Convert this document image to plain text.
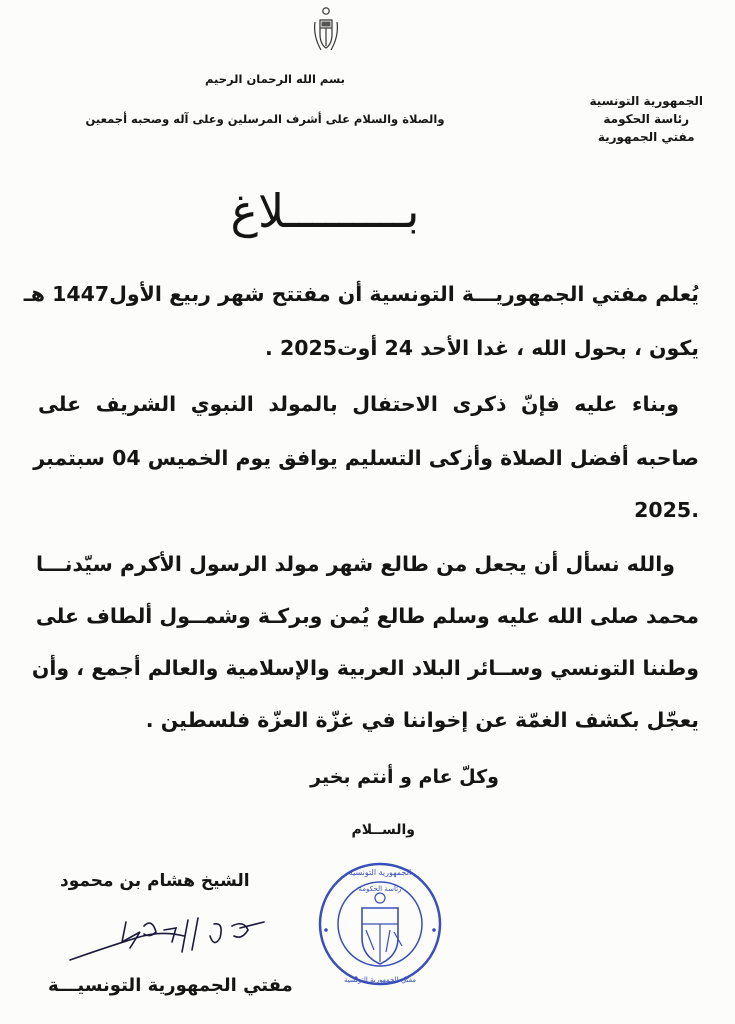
الجمهورية التونسية
رئاسة الحكومة
مفتي الجمهورية
بسم الله الرحمان الرحيم
والصلاة والسلام على أشرف المرسلين وعلى آله وصحبه أجمعين
بـــــــــلاغ
يُعلم مفتي الجمهوريـــة التونسية أن مفتتح شهر ربيع الأول1447 هـ
يكون ، بحول الله ، غدا الأحد 24 أوت2025 .
وبناء عليه فإنّ ذكرى الاحتفال بالمولد النبوي الشريف على
صاحبه أفضل الصلاة وأزكى التسليم يوافق يوم الخميس 04 سبتمبر
.2025
والله نسأل أن يجعل من طالع شهر مولد الرسول الأكرم سيّدنـــا
محمد صلى الله عليه وسلم طالع يُمن وبركـة وشمــول ألطاف على
وطننا التونسي وســائر البلاد العربية والإسلامية والعالم أجمع ، وأن
يعجّل بكشف الغمّة عن إخواننا في غزّة العزّة فلسطين .
وكلّ عام و أنتم بخير
والســلام
الشيخ هشام بن محمود
مفتي الجمهورية التونسيـــة
الجمهورية التونسية
رئاسة الحكومة
مفتي الجمهورية التونسية
